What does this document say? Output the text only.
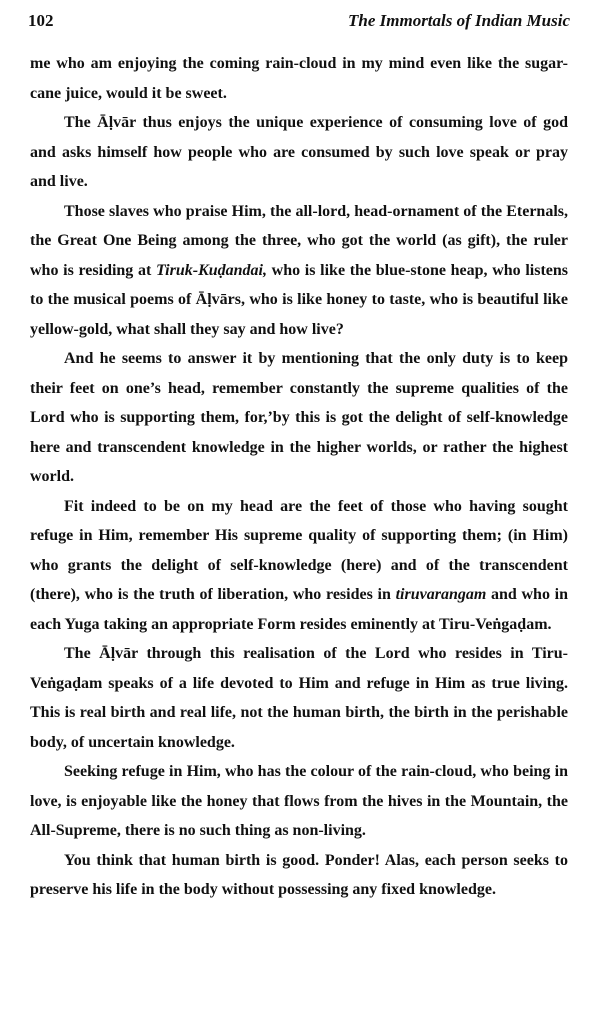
102	The Immortals of Indian Music

me who am enjoying the coming rain-cloud in my mind even like the sugar-cane juice, would it be sweet.

The Āḷvār thus enjoys the unique experience of consuming love of god and asks himself how people who are consumed by such love speak or pray and live.

Those slaves who praise Him, the all-lord, head-ornament of the Eternals, the Great One Being among the three, who got the world (as gift), the ruler who is residing at Tiruk-Kuḍandai, who is like the blue-stone heap, who listens to the musical poems of Āḷvārs, who is like honey to taste, who is beautiful like yellow-gold, what shall they say and how live?

And he seems to answer it by mentioning that the only duty is to keep their feet on one’s head, remember constantly the supreme qualities of the Lord who is supporting them, for,’by this is got the delight of self-knowledge here and transcendent knowledge in the higher worlds, or rather the highest world.

Fit indeed to be on my head are the feet of those who having sought refuge in Him, remember His supreme quality of supporting them; (in Him) who grants the delight of self-knowledge (here) and of the transcendent (there), who is the truth of liberation, who resides in tiruvarangam and who in each Yuga taking an appropriate Form resides eminently at Tiru-Veṅgaḍam.

The Āḷvār through this realisation of the Lord who resides in Tiru-Veṅgaḍam speaks of a life devoted to Him and refuge in Him as true living. This is real birth and real life, not the human birth, the birth in the perishable body, of uncertain knowledge.

Seeking refuge in Him, who has the colour of the rain-cloud, who being in love, is enjoyable like the honey that flows from the hives in the Mountain, the All-Supreme, there is no such thing as non-living.

You think that human birth is good. Ponder! Alas, each person seeks to preserve his life in the body without possessing any fixed knowledge.
